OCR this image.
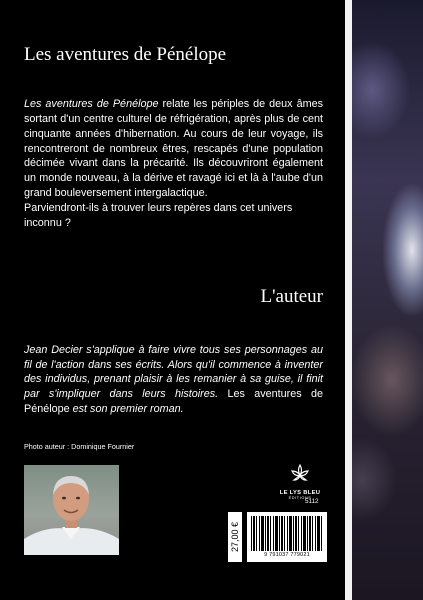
Les aventures de Pénélope

Les aventures de Pénélope relate les périples de deux âmes sortant d'un centre culturel de réfrigération, après plus de cent cinquante années d'hibernation. Au cours de leur voyage, ils rencontreront de nombreux êtres, rescapés d'une population décimée vivant dans la précarité. Ils découvriront également un monde nouveau, à la dérive et ravagé ici et là à l'aube d'un grand bouleversement intergalactique.
Parviendront-ils à trouver leurs repères dans cet univers inconnu ?

L'auteur

Jean Decier s'applique à faire vivre tous ses personnages au fil de l'action dans ses écrits. Alors qu'il commence à inventer des individus, prenant plaisir à les remanier à sa guise, il finit par s'impliquer dans leurs histoires. Les aventures de Pénélope est son premier roman.

Photo auteur : Dominique Fournier

LE LYS BLEU
ÉDITIONS

5112

27,00 €
9 791037 779021
